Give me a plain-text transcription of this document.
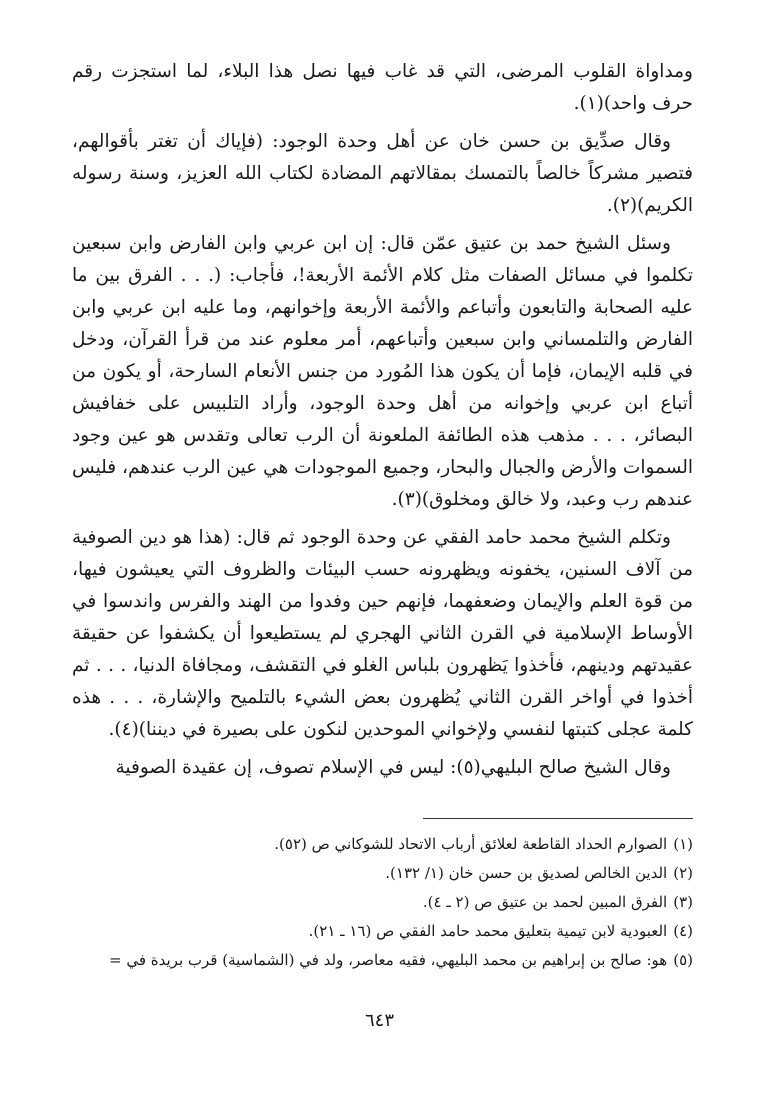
ومداواة القلوب المرضى، التي قد غاب فيها نصل هذا البلاء، لما استجزت رقم حرف واحد)(١).

وقال صدِّيق بن حسن خان عن أهل وحدة الوجود: (فإياك أن تغتر بأقوالهم، فتصير مشركاً خالصاً بالتمسك بمقالاتهم المضادة لكتاب الله العزيز، وسنة رسوله الكريم)(٢).

وسئل الشيخ حمد بن عتيق عمّن قال: إن ابن عربي وابن الفارض وابن سبعين تكلموا في مسائل الصفات مثل كلام الأئمة الأربعة!، فأجاب: (. . . الفرق بين ما عليه الصحابة والتابعون وأتباعم والأئمة الأربعة وإخوانهم، وما عليه ابن عربي وابن الفارض والتلمساني وابن سبعين وأتباعهم، أمر معلوم عند من قرأ القرآن، ودخل في قلبه الإيمان، فإما أن يكون هذا المُورد من جنس الأنعام السارحة، أو يكون من أتباع ابن عربي وإخوانه من أهل وحدة الوجود، وأراد التلبيس على خفافيش البصائر، . . . مذهب هذه الطائفة الملعونة أن الرب تعالى وتقدس هو عين وجود السموات والأرض والجبال والبحار، وجميع الموجودات هي عين الرب عندهم، فليس عندهم رب وعبد، ولا خالق ومخلوق)(٣).

وتكلم الشيخ محمد حامد الفقي عن وحدة الوجود ثم قال: (هذا هو دين الصوفية من آلاف السنين، يخفونه ويظهرونه حسب البيئات والظروف التي يعيشون فيها، من قوة العلم والإيمان وضعفهما، فإنهم حين وفدوا من الهند والفرس واندسوا في الأوساط الإسلامية في القرن الثاني الهجري لم يستطيعوا أن يكشفوا عن حقيقة عقيدتهم ودينهم، فأخذوا يَظهرون بلباس الغلو في التقشف، ومجافاة الدنيا، . . . ثم أخذوا في أواخر القرن الثاني يُظهرون بعض الشيء بالتلميح والإشارة، . . . هذه كلمة عجلى كتبتها لنفسي ولإخواني الموحدين لنكون على بصيرة في ديننا)(٤).

وقال الشيخ صالح البليهي(٥): ليس في الإسلام تصوف، إن عقيدة الصوفية

(١)
الصوارم الحداد القاطعة لعلائق أرباب الاتحاد للشوكاني ص (٥٢).
(٢)
الدين الخالص لصديق بن حسن خان (١/ ١٣٢).
(٣)
الفرق المبين لحمد بن عتيق ص (٢ ـ ٤).
(٤)
العبودية لابن تيمية بتعليق محمد حامد الفقي ص (١٦ ـ ٢١).
(٥)
هو: صالح بن إبراهيم بن محمد البليهي، فقيه معاصر، ولد في (الشماسية) قرب بريدة في =
٦٤٣
